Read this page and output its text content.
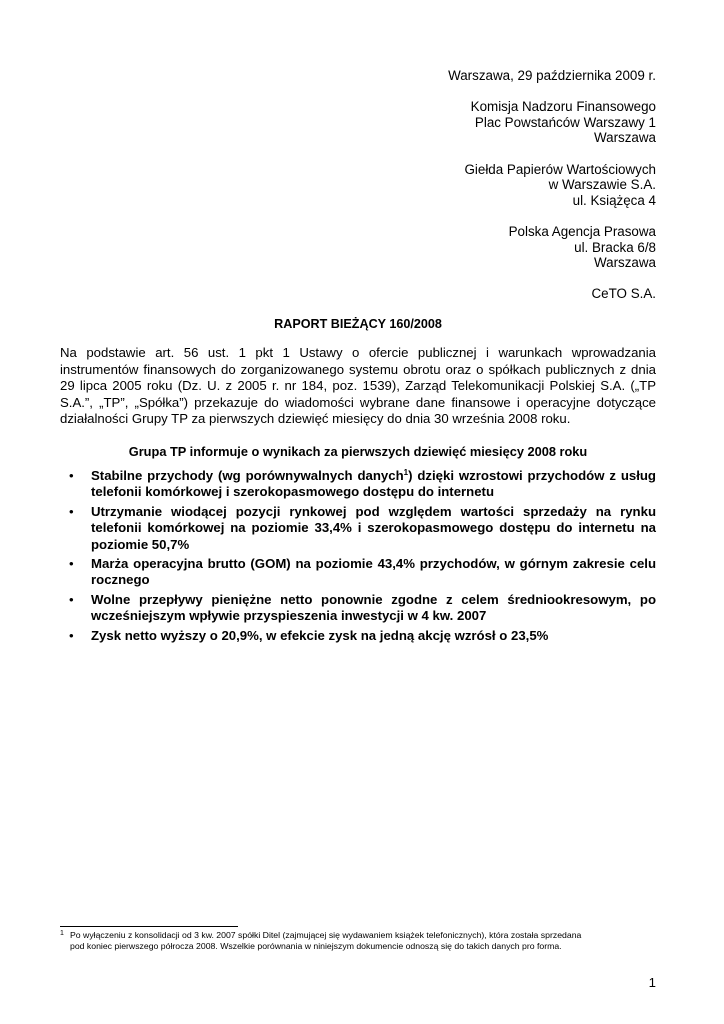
Warszawa, 29 października 2009 r.
Komisja Nadzoru Finansowego
Plac Powstańców Warszawy 1
Warszawa
Giełda Papierów Wartościowych
w Warszawie S.A.
ul. Książęca 4
Polska Agencja Prasowa
ul. Bracka 6/8
Warszawa
CeTO S.A.
RAPORT BIEŻĄCY 160/2008
Na podstawie art. 56 ust. 1 pkt 1 Ustawy o ofercie publicznej i warunkach wprowadzania
instrumentów finansowych do zorganizowanego systemu obrotu oraz o spółkach publicznych z dnia
29 lipca 2005 roku (Dz. U. z 2005 r. nr 184, poz. 1539), Zarząd Telekomunikacji Polskiej S.A. („TP
S.A.”, „TP”, „Spółka”) przekazuje do wiadomości wybrane dane finansowe i operacyjne dotyczące
działalności Grupy TP za pierwszych dziewięć miesięcy do dnia 30 września 2008 roku.
Grupa TP informuje o wynikach za pierwszych dziewięć miesięcy 2008 roku
• Stabilne przychody (wg porównywalnych danych$^1$) dzięki wzrostowi przychodów z usług
telefonii komórkowej i szerokopasmowego dostępu do internetu
• Utrzymanie wiodącej pozycji rynkowej pod względem wartości sprzedaży na rynku
telefonii komórkowej na poziomie 33,4% i szerokopasmowego dostępu do internetu na
poziomie 50,7%
• Marża operacyjna brutto (GOM) na poziomie 43,4% przychodów, w górnym zakresie celu
rocznego
• Wolne przepływy pieniężne netto ponownie zgodne z celem średniookresowym, po
wcześniejszym wpływie przyspieszenia inwestycji w 4 kw. 2007
• Zysk netto wyższy o 20,9%, w efekcie zysk na jedną akcję wzrósł o 23,5%
1 Po wyłączeniu z konsolidacji od 3 kw. 2007 spółki Ditel (zajmującej się wydawaniem książek telefonicznych), która została sprzedana
pod koniec pierwszego półrocza 2008. Wszelkie porównania w niniejszym dokumencie odnoszą się do takich danych pro forma.
1
